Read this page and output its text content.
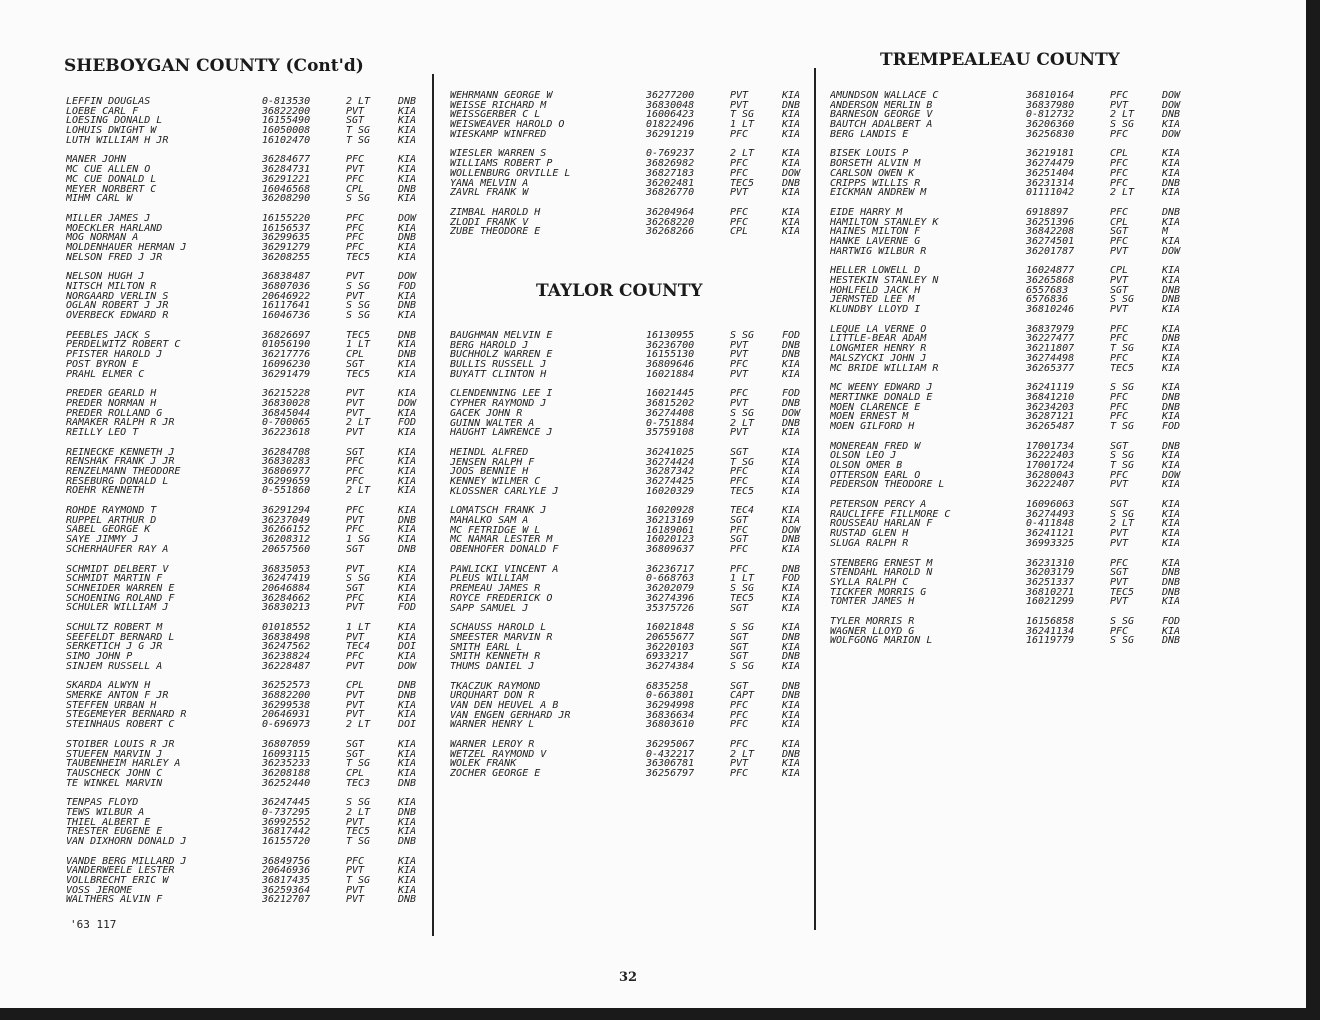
SHEBOYGAN COUNTY (Cont'd)
TAYLOR COUNTY
TREMPEALEAU COUNTY
LEFFIN DOUGLAS	0-813530	2 LT	DNB
LOEBE CARL F	36822200	PVT	KIA
LOESING DONALD L	16155490	SGT	KIA
LOHUIS DWIGHT W	16050008	T SG	KIA
LUTH WILLIAM H JR	16102470	T SG	KIA
MANER JOHN	36284677	PFC	KIA
MC CUE ALLEN O	36284731	PVT	KIA
MC CUE DONALD L	36291221	PFC	KIA
MEYER NORBERT C	16046568	CPL	DNB
MIHM CARL W	36208290	S SG	KIA
MILLER JAMES J	16155220	PFC	DOW
MOECKLER HARLAND	16156537	PFC	KIA
MOG NORMAN A	36299635	PFC	DNB
MOLDENHAUER HERMAN J	36291279	PFC	KIA
NELSON FRED J JR	36208255	TEC5	KIA
NELSON HUGH J	36838487	PVT	DOW
NITSCH MILTON R	36807036	S SG	FOD
NORGAARD VERLIN S	20646922	PVT	KIA
OGLAN ROBERT J JR	16117641	S SG	DNB
OVERBECK EDWARD R	16046736	S SG	KIA
PEEBLES JACK S	36826697	TEC5	DNB
PERDELWITZ ROBERT C	01056190	1 LT	KIA
PFISTER HAROLD J	36217776	CPL	DNB
POST BYRON E	16096230	SGT	KIA
PRAHL ELMER C	36291479	TEC5	KIA
PREDER GEARLD H	36215228	PVT	KIA
PREDER NORMAN H	36830028	PVT	DOW
PREDER ROLLAND G	36845044	PVT	KIA
RAMAKER RALPH R JR	0-700065	2 LT	FOD
REILLY LEO T	36223618	PVT	KIA
REINECKE KENNETH J	36284708	SGT	KIA
RENSHAK FRANK J JR	36830283	PFC	KIA
RENZELMANN THEODORE	36806977	PFC	KIA
RESEBURG DONALD L	36299659	PFC	KIA
ROEHR KENNETH	0-551860	2 LT	KIA
ROHDE RAYMOND T	36291294	PFC	KIA
RUPPEL ARTHUR D	36237049	PVT	DNB
SABEL GEORGE K	36266152	PFC	KIA
SAYE JIMMY J	36208312	1 SG	KIA
SCHERHAUFER RAY A	20657560	SGT	DNB
SCHMIDT DELBERT V	36835053	PVT	KIA
SCHMIDT MARTIN F	36247419	S SG	KIA
SCHNEIDER WARREN E	20646884	SGT	KIA
SCHOENING ROLAND F	36284662	PFC	KIA
SCHULER WILLIAM J	36830213	PVT	FOD
SCHULTZ ROBERT M	01018552	1 LT	KIA
SEEFELDT BERNARD L	36838498	PVT	KIA
SERKETICH J G JR	36247562	TEC4	DOI
SIMO JOHN P	36238824	PFC	KIA
SINJEM RUSSELL A	36228487	PVT	DOW
SKARDA ALWYN H	36252573	CPL	DNB
SMERKE ANTON F JR	36882200	PVT	DNB
STEFFEN URBAN H	36299538	PVT	KIA
STEGEMEYER BERNARD R	20646931	PVT	KIA
STEINHAUS ROBERT C	0-696973	2 LT	DOI
STOIBER LOUIS R JR	36807059	SGT	KIA
STUEFEN MARVIN J	16093115	SGT	KIA
TAUBENHEIM HARLEY A	36235233	T SG	KIA
TAUSCHECK JOHN C	36208188	CPL	KIA
TE WINKEL MARVIN	36252440	TEC3	DNB
TENPAS FLOYD	36247445	S SG	KIA
TEWS WILBUR A	0-737295	2 LT	DNB
THIEL ALBERT E	36992552	PVT	KIA
TRESTER EUGENE E	36817442	TEC5	KIA
VAN DIXHORN DONALD J	16155720	T SG	DNB
VANDE BERG MILLARD J	36849756	PFC	KIA
VANDERWEELE LESTER	20646936	PVT	KIA
VOLLBRECHT ERIC W	36817435	T SG	KIA
VOSS JEROME	36259364	PVT	KIA
WALTHERS ALVIN F	36212707	PVT	DNB
WEHRMANN GEORGE W	36277200	PVT	KIA
WEISSE RICHARD M	36830048	PVT	DNB
WEISSGERBER C L	16006423	T SG	KIA
WEISWEAVER HAROLD O	01822496	1 LT	KIA
WIESKAMP WINFRED	36291219	PFC	KIA
WIESLER WARREN S	0-769237	2 LT	KIA
WILLIAMS ROBERT P	36826982	PFC	KIA
WOLLENBURG ORVILLE L	36827183	PFC	DOW
YANA MELVIN A	36202481	TEC5	DNB
ZAVRL FRANK W	36826770	PVT	KIA
ZIMBAL HAROLD H	36204964	PFC	KIA
ZLODI FRANK V	36268220	PFC	KIA
ZUBE THEODORE E	36268266	CPL	KIA
BAUGHMAN MELVIN E	16130955	S SG	FOD
BERG HAROLD J	36236700	PVT	DNB
BUCHHOLZ WARREN E	16155130	PVT	DNB
BULLIS RUSSELL J	36809646	PFC	KIA
BUYATT CLINTON H	16021884	PVT	KIA
CLENDENNING LEE I	16021445	PFC	FOD
CYPHER RAYMOND J	36815202	PVT	DNB
GACEK JOHN R	36274408	S SG	DOW
GUINN WALTER A	0-751884	2 LT	DNB
HAUGHT LAWRENCE J	35759108	PVT	KIA
HEINDL ALFRED	36241025	SGT	KIA
JENSEN RALPH F	36274424	T SG	KIA
JOOS BENNIE H	36287342	PFC	KIA
KENNEY WILMER C	36274425	PFC	KIA
KLOSSNER CARLYLE J	16020329	TEC5	KIA
LOMATSCH FRANK J	16020928	TEC4	KIA
MAHALKO SAM A	36213169	SGT	KIA
MC FETRIDGE W L	16189061	PFC	DOW
MC NAMAR LESTER M	16020123	SGT	DNB
OBENHOFER DONALD F	36809637	PFC	KIA
PAWLICKI VINCENT A	36236717	PFC	DNB
PLEUS WILLIAM	0-668763	1 LT	FOD
PREMEAU JAMES R	36202079	S SG	KIA
ROYCE FREDERICK O	36274396	TEC5	KIA
SAPP SAMUEL J	35375726	SGT	KIA
SCHAUSS HAROLD L	16021848	S SG	KIA
SMEESTER MARVIN R	20655677	SGT	DNB
SMITH EARL L	36220103	SGT	KIA
SMITH KENNETH R	6933217	SGT	DNB
THUMS DANIEL J	36274384	S SG	KIA
TKACZUK RAYMOND	6835258	SGT	DNB
URQUHART DON R	0-663801	CAPT	DNB
VAN DEN HEUVEL A B	36294998	PFC	KIA
VAN ENGEN GERHARD JR	36836634	PFC	KIA
WARNER HENRY L	36803610	PFC	KIA
WARNER LEROY R	36295067	PFC	KIA
WETZEL RAYMOND V	0-432217	2 LT	DNB
WOLEK FRANK	36306781	PVT	KIA
ZOCHER GEORGE E	36256797	PFC	KIA
AMUNDSON WALLACE C	36810164	PFC	DOW
ANDERSON MERLIN B	36837980	PVT	DOW
BARNESON GEORGE V	0-812732	2 LT	DNB
BAUTCH ADALBERT A	36206360	S SG	KIA
BERG LANDIS E	36256830	PFC	DOW
BISEK LOUIS P	36219181	CPL	KIA
BORSETH ALVIN M	36274479	PFC	KIA
CARLSON OWEN K	36251404	PFC	KIA
CRIPPS WILLIS R	36231314	PFC	DNB
EICKMAN ANDREW M	01111042	2 LT	KIA
EIDE HARRY M	6918897	PFC	DNB
HAMILTON STANLEY K	36251396	CPL	KIA
HAINES MILTON F	36842208	SGT	M
HANKE LAVERNE G	36274501	PFC	KIA
HARTWIG WILBUR R	36201787	PVT	DOW
HELLER LOWELL D	16024877	CPL	KIA
HESTEKIN STANLEY N	36265868	PVT	KIA
HOHLFELD JACK H	6557683	SGT	DNB
JERMSTED LEE M	6576836	S SG	DNB
KLUNDBY LLOYD I	36810246	PVT	KIA
LEQUE LA VERNE O	36837979	PFC	KIA
LITTLE-BEAR ADAM	36227477	PFC	DNB
LONGMIER HENRY R	36211807	T SG	KIA
MALSZYCKI JOHN J	36274498	PFC	KIA
MC BRIDE WILLIAM R	36265377	TEC5	KIA
MC WEENY EDWARD J	36241119	S SG	KIA
MERTINKE DONALD E	36841210	PFC	DNB
MOEN CLARENCE E	36234203	PFC	DNB
MOEN ERNEST M	36287121	PFC	KIA
MOEN GILFORD H	36265487	T SG	FOD
MONEREAN FRED W	17001734	SGT	DNB
OLSON LEO J	36222403	S SG	KIA
OLSON OMER B	17001724	T SG	KIA
OTTERSON EARL O	36280043	PFC	DOW
PEDERSON THEODORE L	36222407	PVT	KIA
PETERSON PERCY A	16096063	SGT	KIA
RAUCLIFFE FILLMORE C	36274493	S SG	KIA
ROUSSEAU HARLAN F	0-411848	2 LT	KIA
RUSTAD GLEN H	36241121	PVT	KIA
SLUGA RALPH R	36993325	PVT	KIA
STENBERG ERNEST M	36231310	PFC	KIA
STENDAHL HAROLD N	36203179	SGT	DNB
SYLLA RALPH C	36251337	PVT	DNB
TICKFER MORRIS G	36810271	TEC5	DNB
TOMTER JAMES H	16021299	PVT	KIA
TYLER MORRIS R	16156858	S SG	FOD
WAGNER LLOYD G	36241134	PFC	KIA
WOLFGONG MARION L	16119779	S SG	DNB
'63 117
32
